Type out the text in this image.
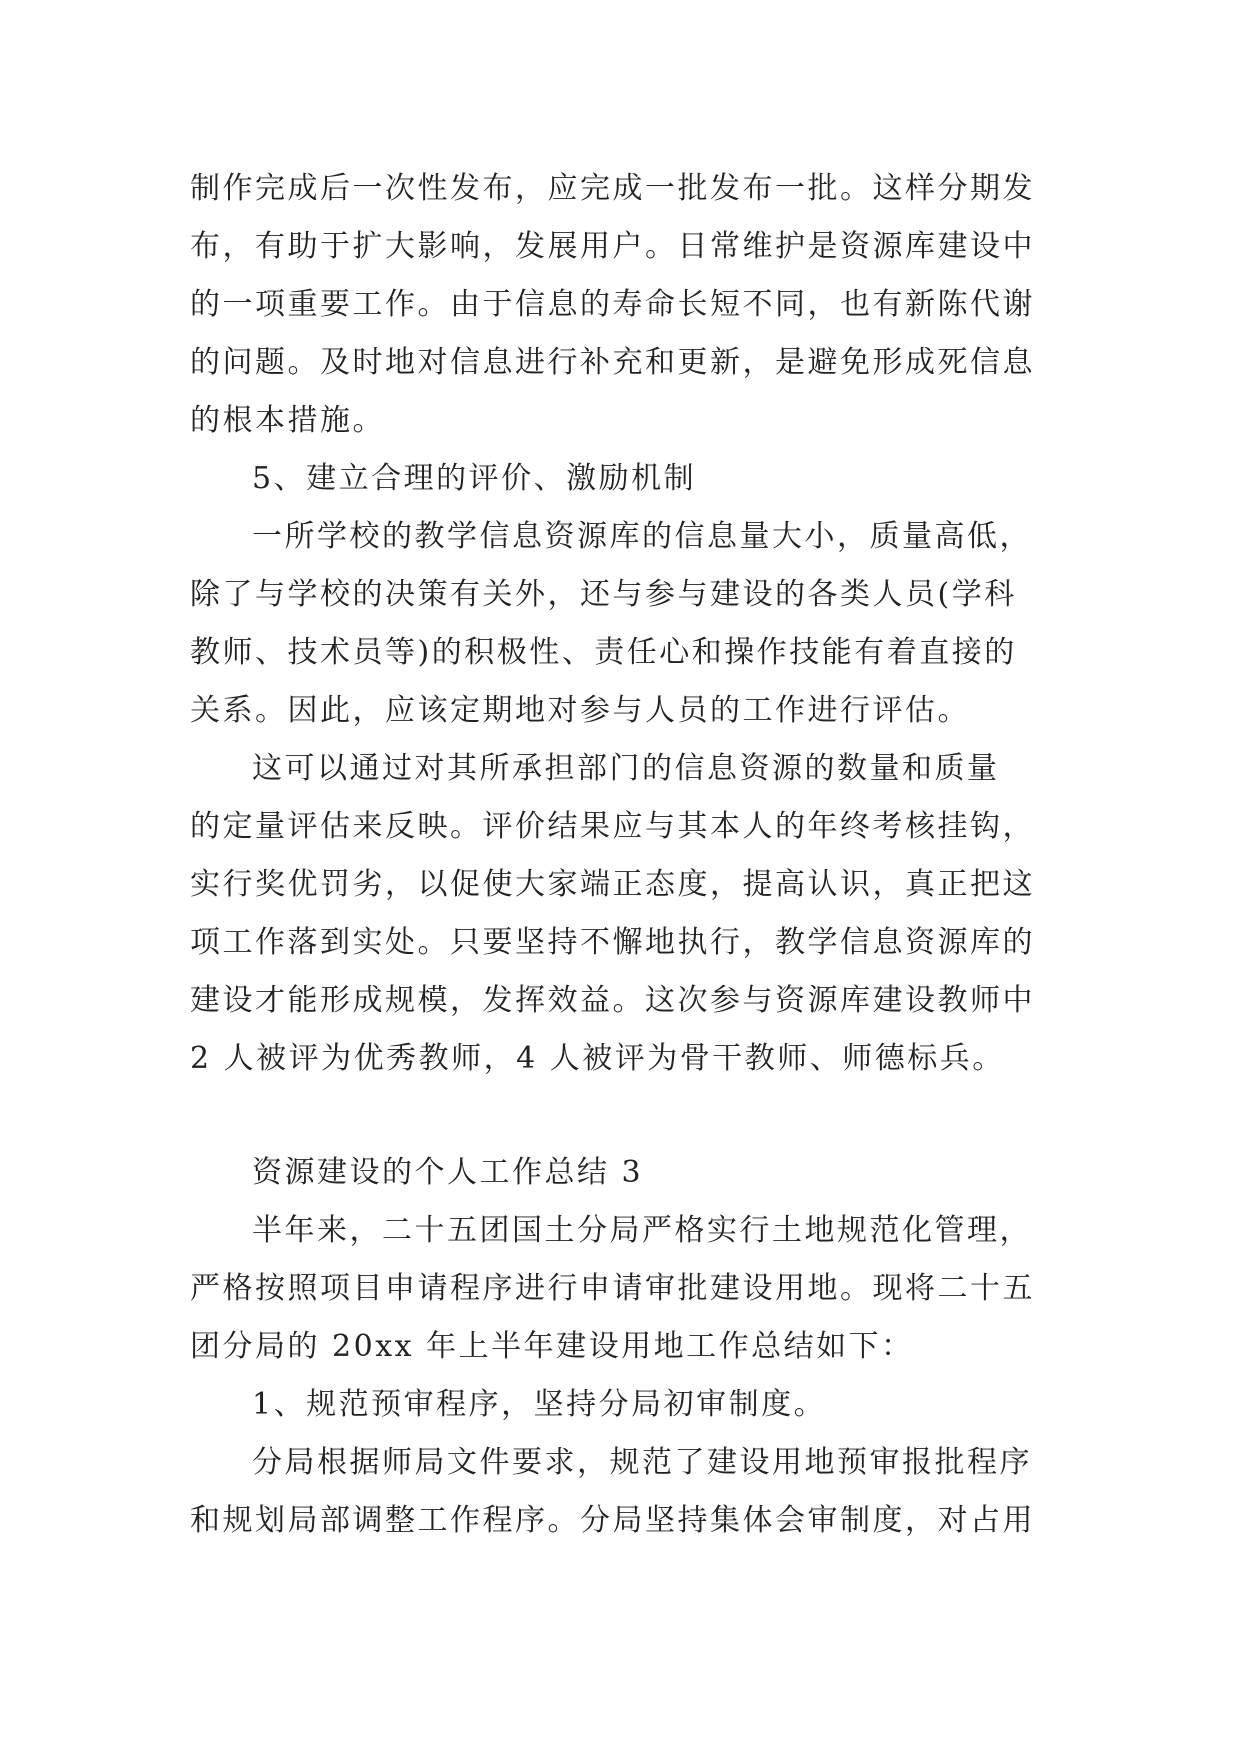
制作完成后一次性发布，应完成一批发布一批。这样分期发
布，有助于扩大影响，发展用户。日常维护是资源库建设中
的一项重要工作。由于信息的寿命长短不同，也有新陈代谢
的问题。及时地对信息进行补充和更新，是避免形成死信息
的根本措施。
5、建立合理的评价、激励机制
一所学校的教学信息资源库的信息量大小，质量高低，
除了与学校的决策有关外，还与参与建设的各类人员(学科
教师、技术员等)的积极性、责任心和操作技能有着直接的
关系。因此，应该定期地对参与人员的工作进行评估。
这可以通过对其所承担部门的信息资源的数量和质量
的定量评估来反映。评价结果应与其本人的年终考核挂钩，
实行奖优罚劣，以促使大家端正态度，提高认识，真正把这
项工作落到实处。只要坚持不懈地执行，教学信息资源库的
建设才能形成规模，发挥效益。这次参与资源库建设教师中
2 人被评为优秀教师，4 人被评为骨干教师、师德标兵。
资源建设的个人工作总结 3
半年来，二十五团国土分局严格实行土地规范化管理，
严格按照项目申请程序进行申请审批建设用地。现将二十五
团分局的 20xx 年上半年建设用地工作总结如下：
1、规范预审程序，坚持分局初审制度。
分局根据师局文件要求，规范了建设用地预审报批程序
和规划局部调整工作程序。分局坚持集体会审制度，对占用
